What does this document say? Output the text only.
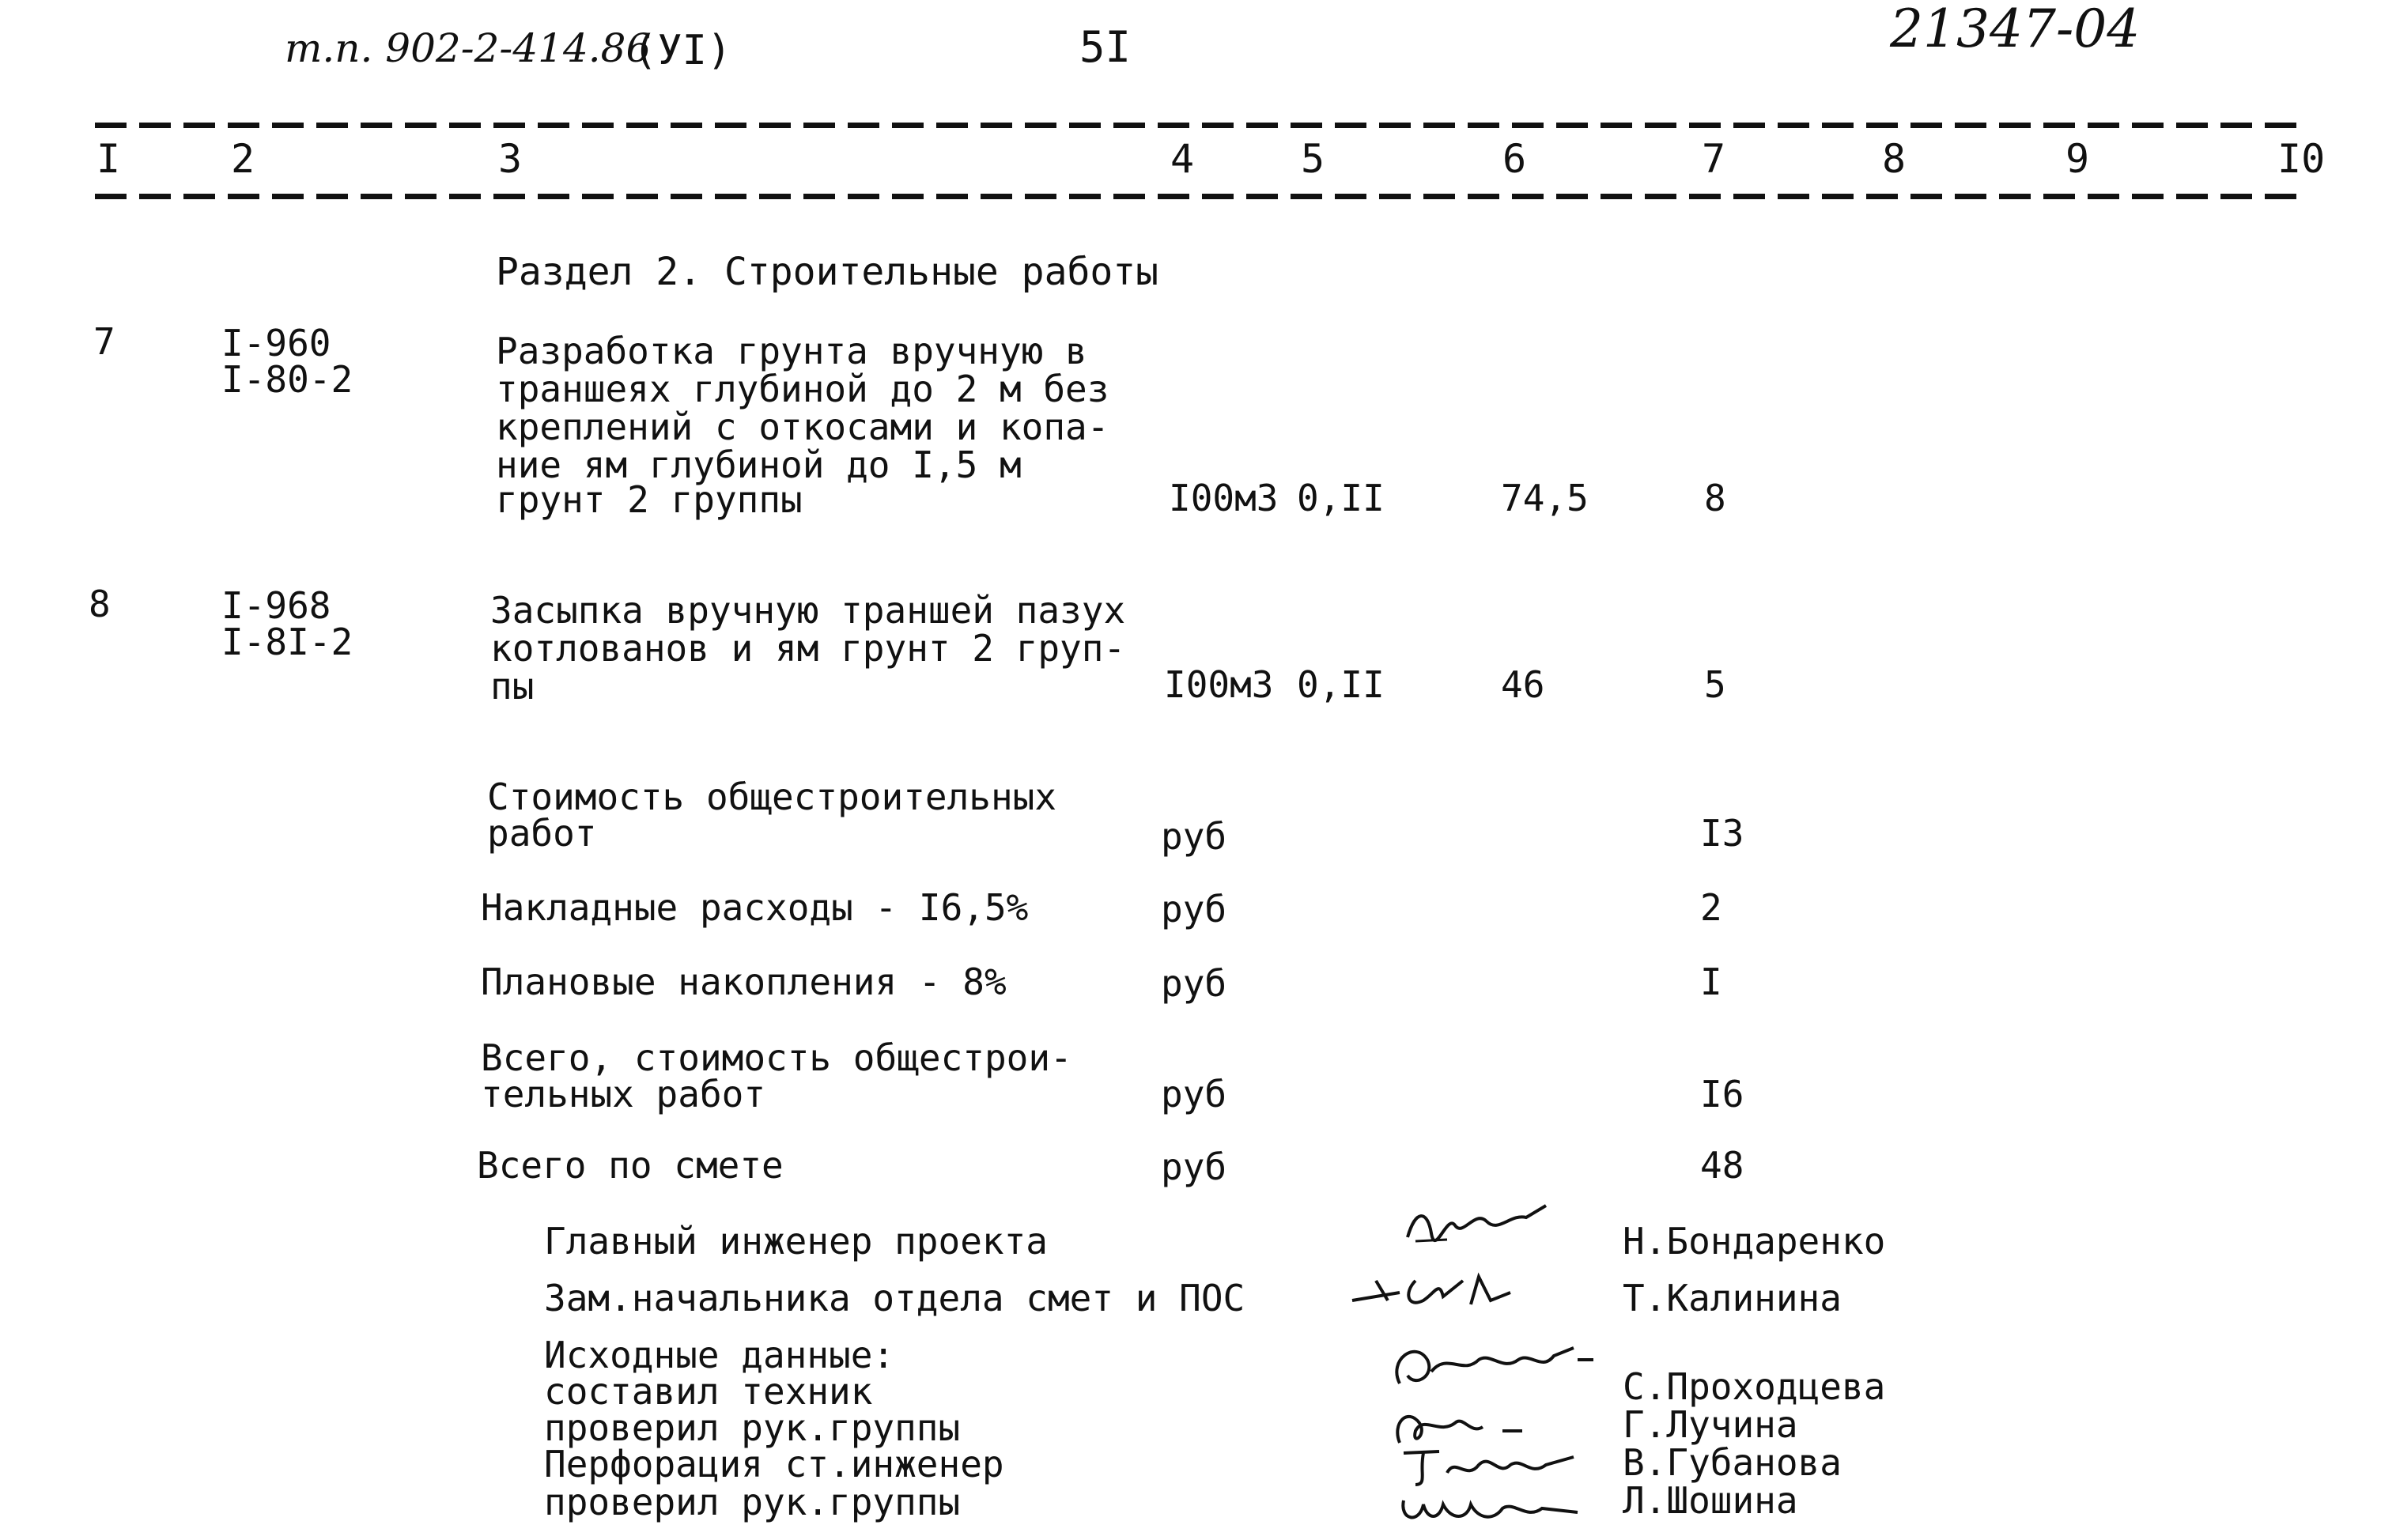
т.п. 902-2-414.86
(УI)	5I	21347-04
I	2	3	4	5	6	7	8	9	I0
Раздел 2. Строительные работы
7	I-960
I-80-2
Разработка грунта вручную в
траншеях глубиной до 2 м без
креплений с откосами и копа-
ние ям глубиной до I,5 м
грунт 2 группы	I00м3 0,II	74,5	8
8	I-968
I-8I-2
Засыпка вручную траншей пазух
котлованов и ям грунт 2 груп-
пы	I00м3 0,II	46	5
Стоимость общестроительных
работ	руб	I3
Накладные расходы - I6,5%	руб	2
Плановые накопления - 8%	руб	I
Всего, стоимость общестрои-
тельных работ	руб	I6
Всего по смете	руб	48
Главный инженер проекта	Н.Бондаренко
Зам.начальника отдела смет и ПОС	Т.Калинина
Исходные данные:
составил техник	С.Проходцева
проверил рук.группы	Г.Лучина
Перфорация ст.инженер	В.Губанова
проверил рук.группы	Л.Шошина
